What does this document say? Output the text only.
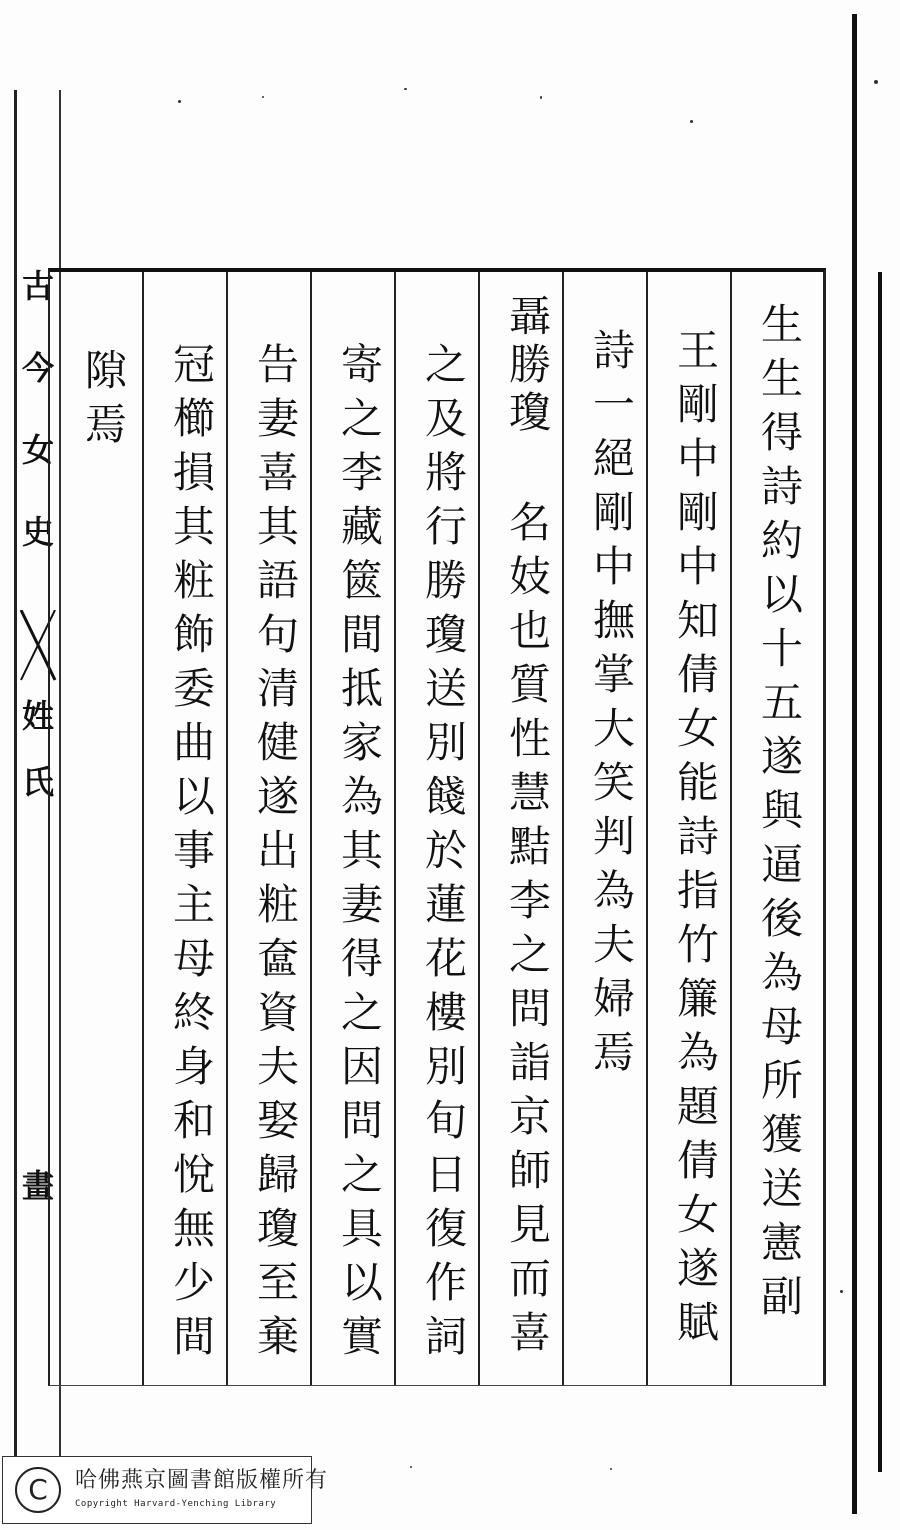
古
今
女
史
姓
氏
畫	生生得詩約以十五遂與逼後為母所獲送憲副
王剛中剛中知倩女能詩指竹簾為題倩女遂賦
詩一絕剛中撫掌大笑判為夫婦焉
聶勝瓊
名妓也質性慧黠李之問詣京師見而喜
之及將行勝瓊送別餞於蓮花樓別旬日復作詞
寄之李藏篋間抵家為其妻得之因問之具以實
告妻喜其語句清健遂出粧奩資夫娶歸瓊至棄
冠櫛損其粧飾委曲以事主母終身和悅無少間
隙焉
C	哈佛燕京圖書館版權所有
Copyright Harvard-Yenching Library
